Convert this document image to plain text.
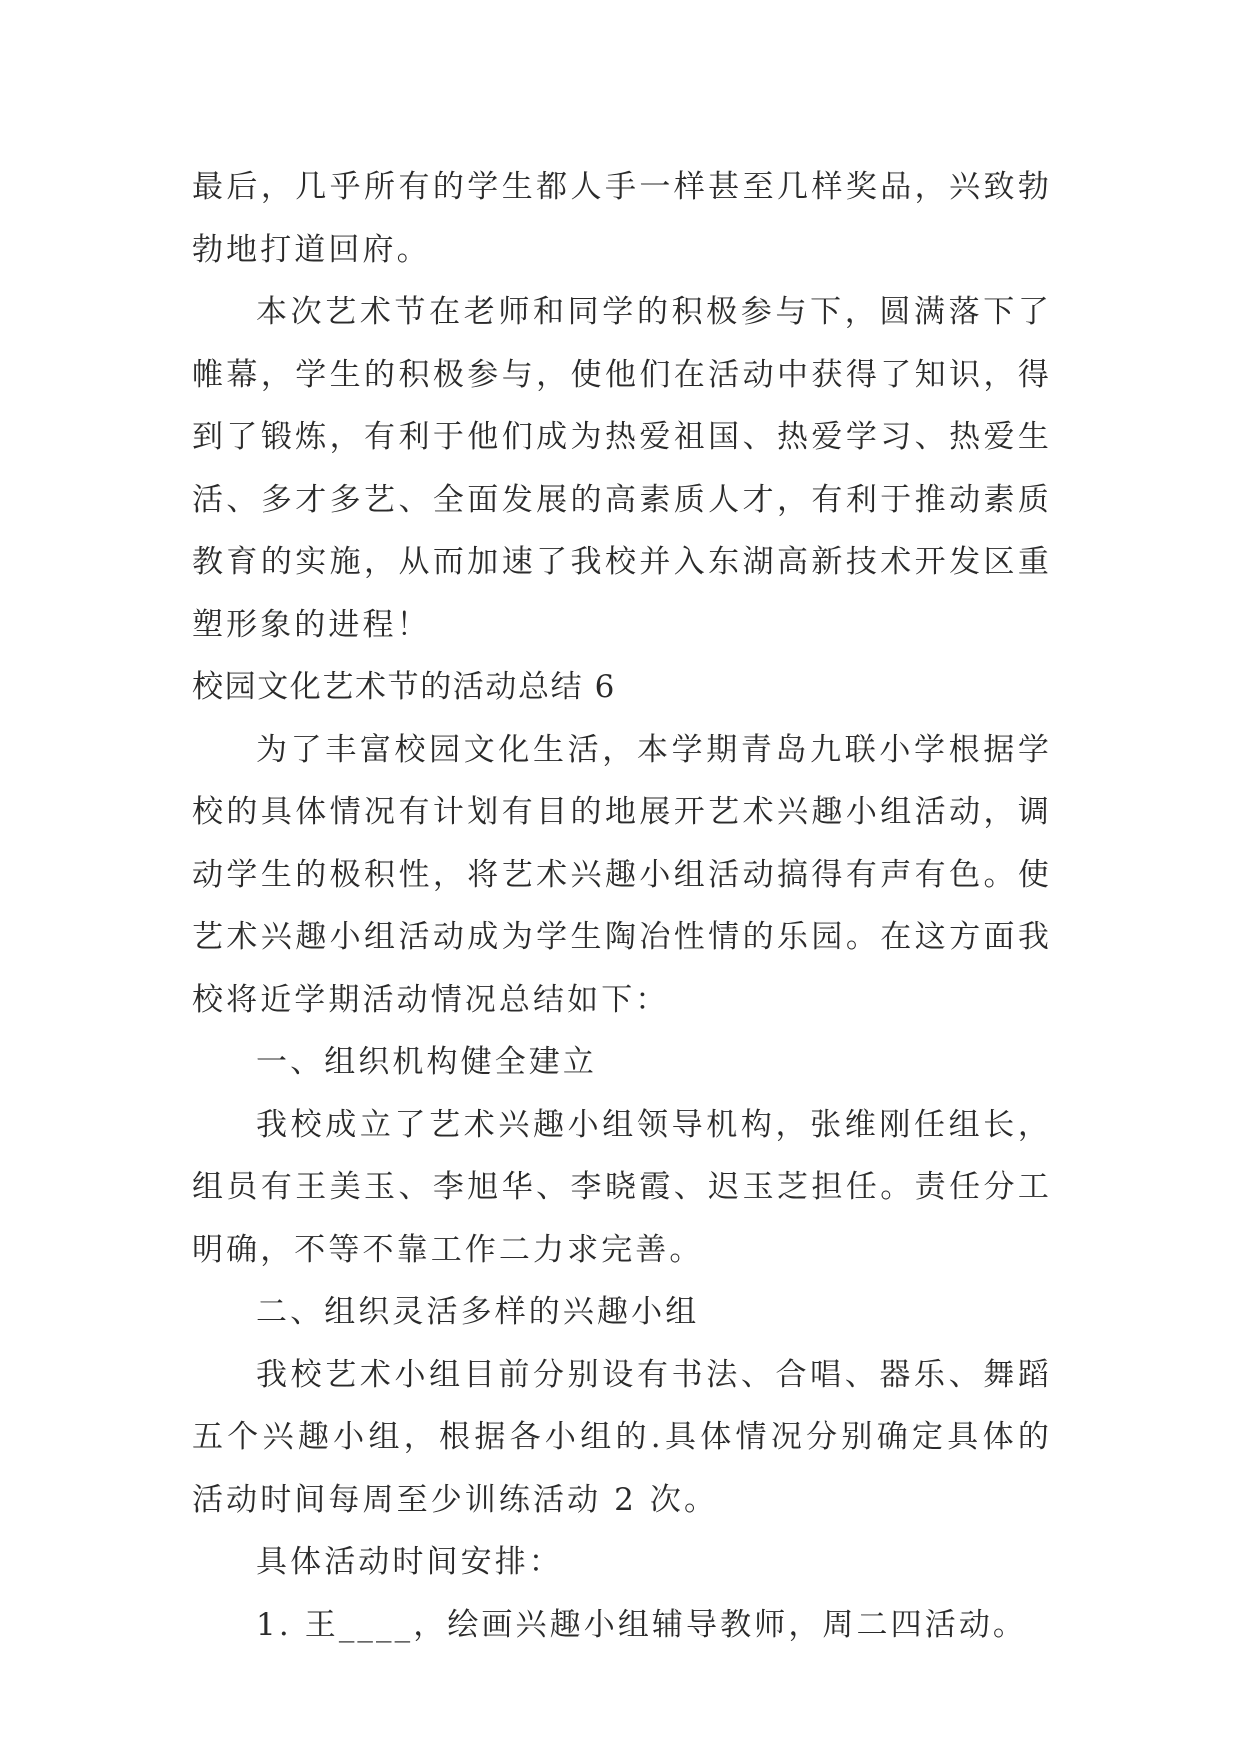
最后，几乎所有的学生都人手一样甚至几样奖品，兴致勃勃地打道回府。

本次艺术节在老师和同学的积极参与下，圆满落下了帷幕，学生的积极参与，使他们在活动中获得了知识，得到了锻炼，有利于他们成为热爱祖国、热爱学习、热爱生活、多才多艺、全面发展的高素质人才，有利于推动素质教育的实施，从而加速了我校并入东湖高新技术开发区重塑形象的进程！

校园文化艺术节的活动总结 6

为了丰富校园文化生活，本学期青岛九联小学根据学校的具体情况有计划有目的地展开艺术兴趣小组活动，调动学生的极积性，将艺术兴趣小组活动搞得有声有色。使艺术兴趣小组活动成为学生陶冶性情的乐园。在这方面我校将近学期活动情况总结如下：

一、组织机构健全建立

我校成立了艺术兴趣小组领导机构，张维刚任组长，组员有王美玉、李旭华、李晓霞、迟玉芝担任。责任分工明确，不等不靠工作二力求完善。

二、组织灵活多样的兴趣小组

我校艺术小组目前分别设有书法、合唱、器乐、舞蹈五个兴趣小组，根据各小组的.具体情况分别确定具体的活动时间每周至少训练活动 2 次。

具体活动时间安排：

1. 王____，绘画兴趣小组辅导教师，周二四活动。
